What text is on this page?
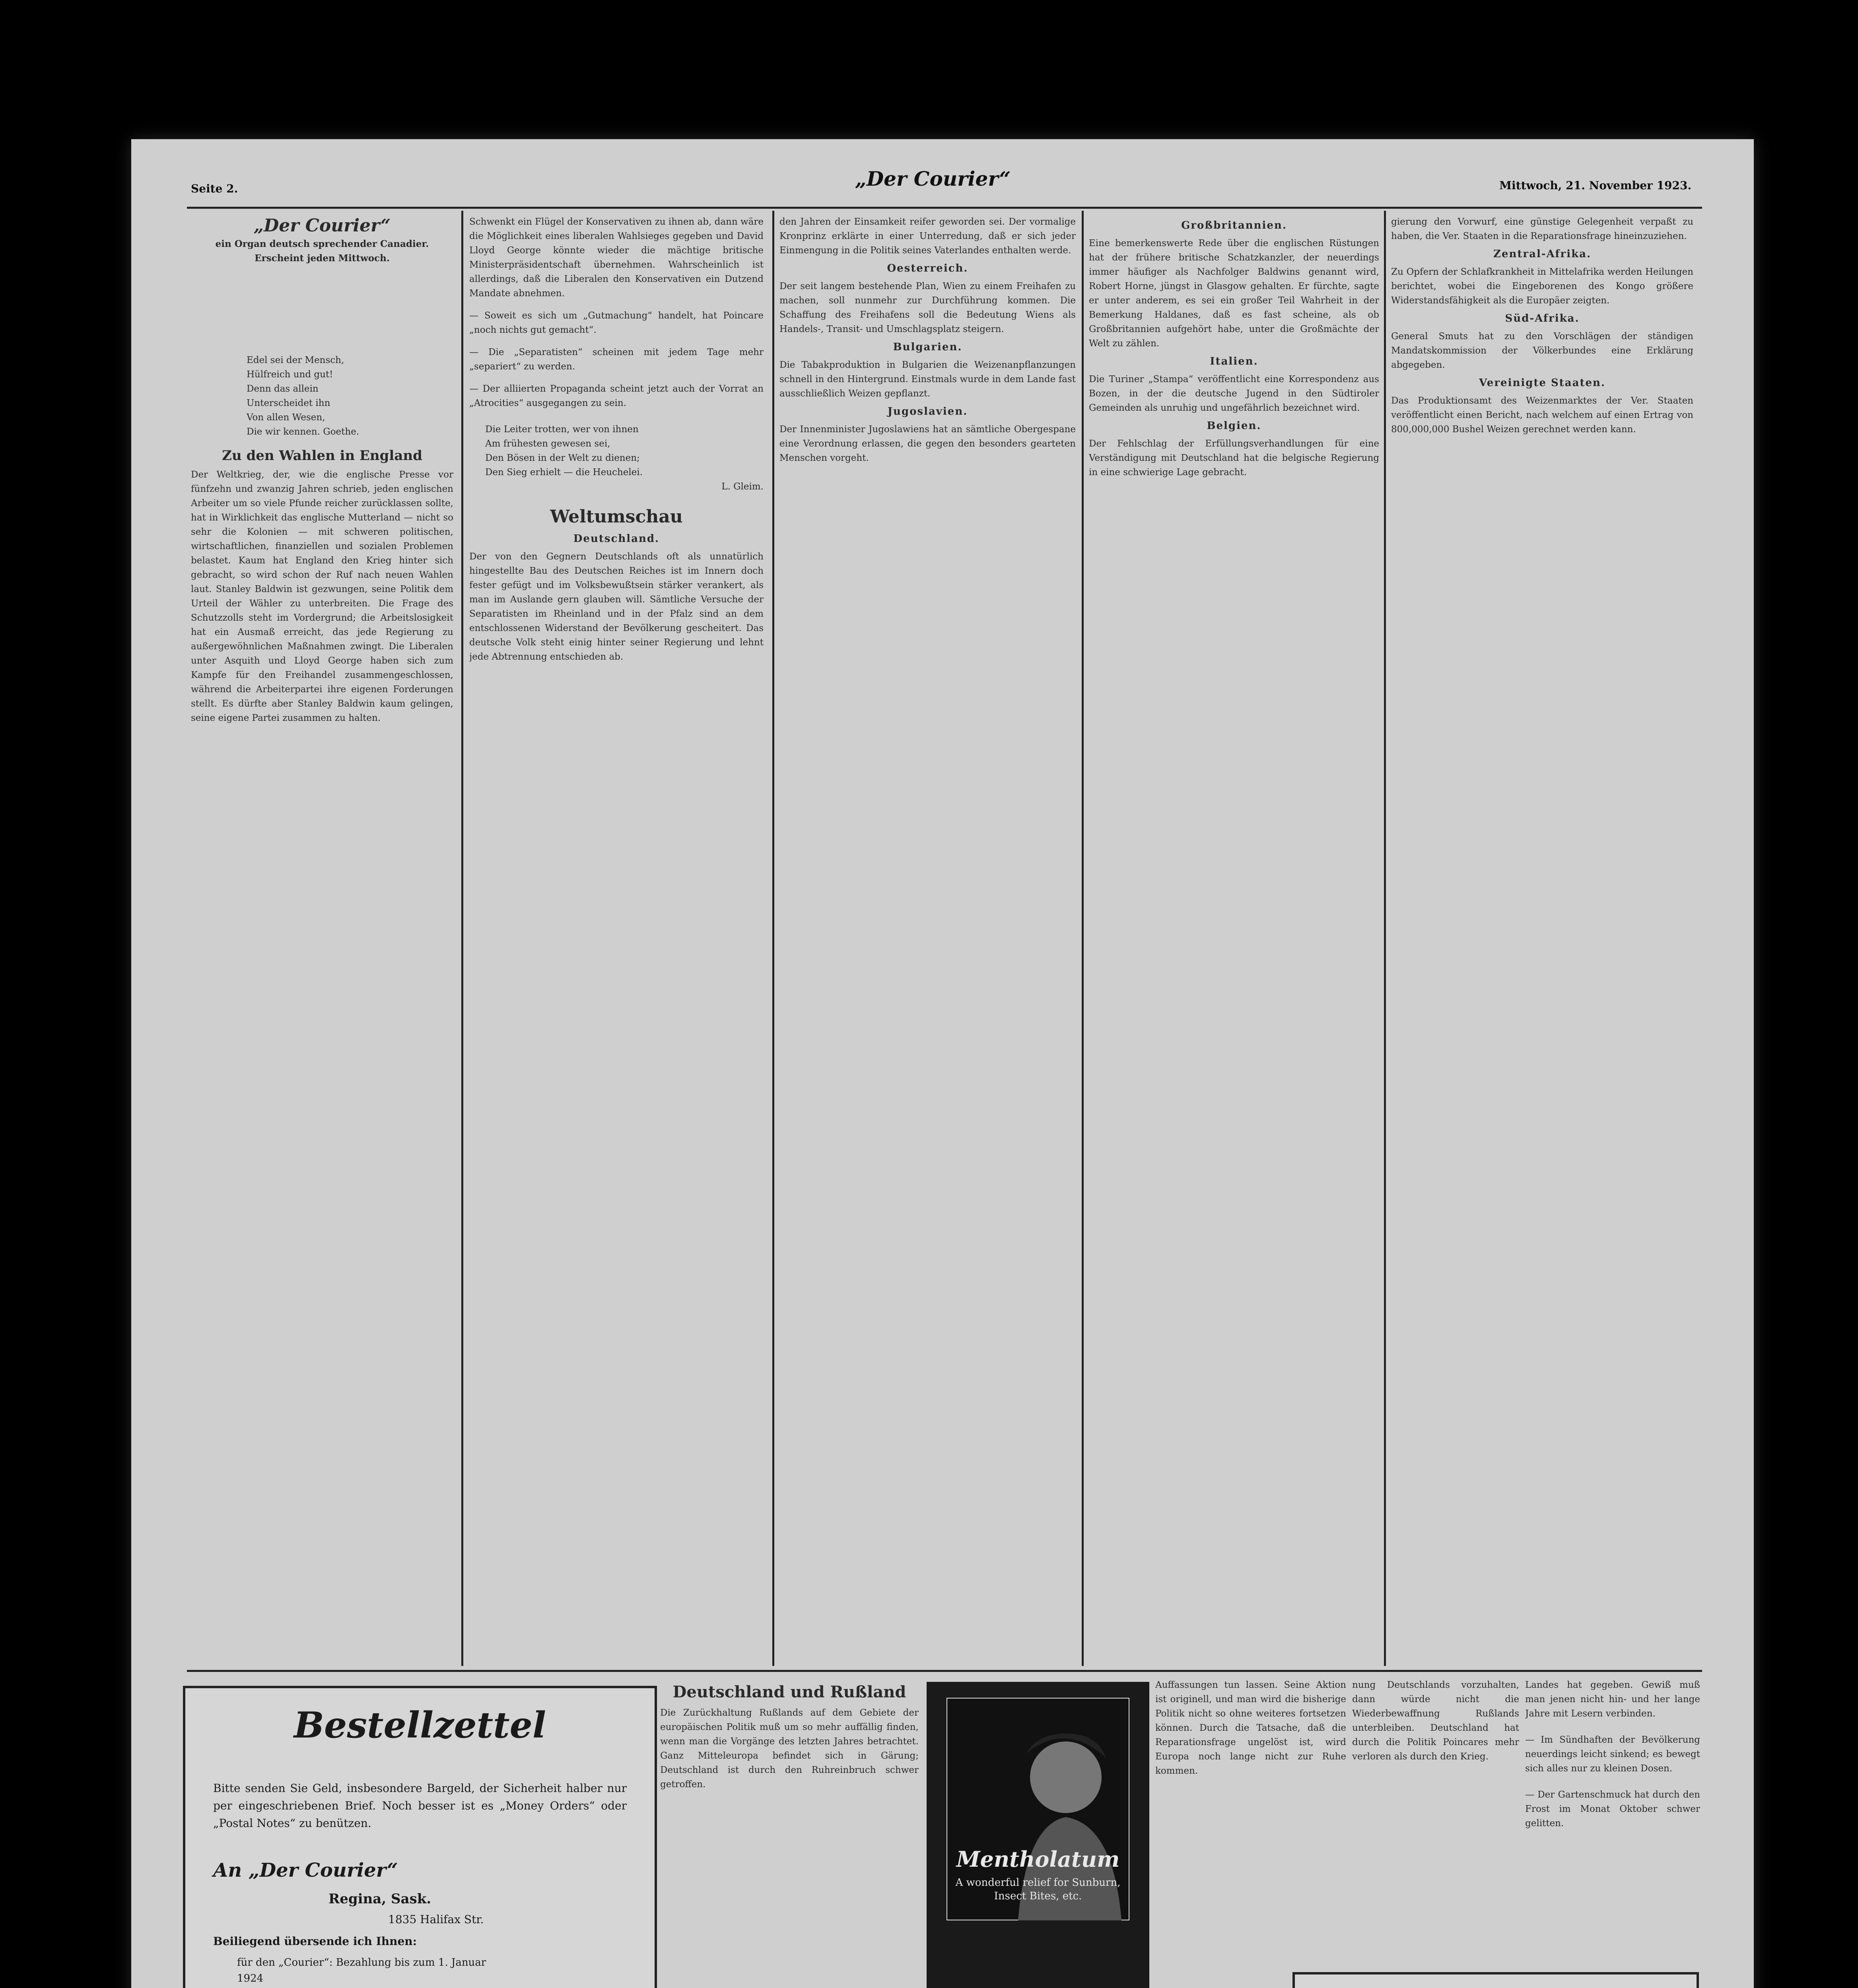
Seite 2.	„Der Courier“	Mittwoch, 21. November 1923.
„Der Courier“
ein Organ deutsch sprechender Canadier.
Erscheint jeden Mittwoch.
Edel sei der Mensch,
Hülfreich und gut!
Denn das allein
Unterscheidet ihn
Von allen Wesen,
Die wir kennen. Goethe.
Zu den Wahlen in England

Der Weltkrieg, der, wie die englische Presse vor fünfzehn und zwanzig Jahren schrieb, jeden englischen Arbeiter um so viele Pfunde reicher zurücklassen sollte, hat in Wirklichkeit das englische Mutterland — nicht so sehr die Kolonien — mit schweren politischen, wirtschaftlichen, finanziellen und sozialen Problemen belastet. Kaum hat England den Krieg hinter sich gebracht, so wird schon der Ruf nach neuen Wahlen laut. Stanley Baldwin ist gezwungen, seine Politik dem Urteil der Wähler zu unterbreiten. Die Frage des Schutzzolls steht im Vordergrund; die Arbeitslosigkeit hat ein Ausmaß erreicht, das jede Regierung zu außergewöhnlichen Maßnahmen zwingt. Die Liberalen unter Asquith und Lloyd George haben sich zum Kampfe für den Freihandel zusammengeschlossen, während die Arbeiterpartei ihre eigenen Forderungen stellt. Es dürfte aber Stanley Baldwin kaum gelingen, seine eigene Partei zusammen zu halten.

Schwenkt ein Flügel der Konservativen zu ihnen ab, dann wäre die Möglichkeit eines liberalen Wahlsieges gegeben und David Lloyd George könnte wieder die mächtige britische Ministerpräsidentschaft übernehmen. Wahrscheinlich ist allerdings, daß die Liberalen den Konservativen ein Dutzend Mandate abnehmen.

— Soweit es sich um „Gutmachung“ handelt, hat Poincare „noch nichts gut gemacht“.

— Die „Separatisten“ scheinen mit jedem Tage mehr „separiert“ zu werden.

— Der alliierten Propaganda scheint jetzt auch der Vorrat an „Atrocities“ ausgegangen zu sein.

Die Leiter trotten, wer von ihnen
Am frühesten gewesen sei,
Den Bösen in der Welt zu dienen;
Den Sieg erhielt — die Heuchelei.
L. Gleim.
Weltumschau
Deutschland.

Der von den Gegnern Deutschlands oft als unnatürlich hingestellte Bau des Deutschen Reiches ist im Innern doch fester gefügt und im Volksbewußtsein stärker verankert, als man im Auslande gern glauben will. Sämtliche Versuche der Separatisten im Rheinland und in der Pfalz sind an dem entschlossenen Widerstand der Bevölkerung gescheitert. Das deutsche Volk steht einig hinter seiner Regierung und lehnt jede Abtrennung entschieden ab.

den Jahren der Einsamkeit reifer geworden sei. Der vormalige Kronprinz erklärte in einer Unterredung, daß er sich jeder Einmengung in die Politik seines Vaterlandes enthalten werde.

Oesterreich.

Der seit langem bestehende Plan, Wien zu einem Freihafen zu machen, soll nunmehr zur Durchführung kommen. Die Schaffung des Freihafens soll die Bedeutung Wiens als Handels-, Transit- und Umschlagsplatz steigern.

Bulgarien.

Die Tabakproduktion in Bulgarien die Weizenanpflanzungen schnell in den Hintergrund. Einstmals wurde in dem Lande fast ausschließlich Weizen gepflanzt.

Jugoslavien.

Der Innenminister Jugoslawiens hat an sämtliche Obergespane eine Verordnung erlassen, die gegen den besonders gearteten Menschen vorgeht.

Großbritannien.

Eine bemerkenswerte Rede über die englischen Rüstungen hat der frühere britische Schatzkanzler, der neuerdings immer häufiger als Nachfolger Baldwins genannt wird, Robert Horne, jüngst in Glasgow gehalten. Er fürchte, sagte er unter anderem, es sei ein großer Teil Wahrheit in der Bemerkung Haldanes, daß es fast scheine, als ob Großbritannien aufgehört habe, unter die Großmächte der Welt zu zählen.

Italien.

Die Turiner „Stampa“ veröffentlicht eine Korrespondenz aus Bozen, in der die deutsche Jugend in den Südtiroler Gemeinden als unruhig und ungefährlich bezeichnet wird.

Belgien.

Der Fehlschlag der Erfüllungsverhandlungen für eine Verständigung mit Deutschland hat die belgische Regierung in eine schwierige Lage gebracht.

gierung den Vorwurf, eine günstige Gelegenheit verpaßt zu haben, die Ver. Staaten in die Reparationsfrage hineinzuziehen.

Zentral-Afrika.

Zu Opfern der Schlafkrankheit in Mittelafrika werden Heilungen berichtet, wobei die Eingeborenen des Kongo größere Widerstandsfähigkeit als die Europäer zeigten.

Süd-Afrika.

General Smuts hat zu den Vorschlägen der ständigen Mandatskommission der Völkerbundes eine Erklärung abgegeben.

Vereinigte Staaten.

Das Produktionsamt des Weizenmarktes der Ver. Staaten veröffentlicht einen Bericht, nach welchem auf einen Ertrag von 800,000,000 Bushel Weizen gerechnet werden kann.

Bestellzettel
Bitte senden Sie Geld, insbesondere Bargeld, der Sicherheit halber nur per eingeschriebenen Brief. Noch besser ist es „Money Orders“ oder „Postal Notes“ zu benützen.
An „Der Courier“
Regina, Sask.
1835 Halifax Str.
Beiliegend übersende ich Ihnen:
für den „Courier“: Bezahlung bis zum 1. Januar 1924
Deutschland und Rußland

Die Zurückhaltung Rußlands auf dem Gebiete der europäischen Politik muß um so mehr auffällig finden, wenn man die Vorgänge des letzten Jahres betrachtet. Ganz Mitteleuropa befindet sich in Gärung; Deutschland ist durch den Ruhreinbruch schwer getroffen.

Mentholatum
A wonderful relief for Sunburn, Insect Bites, etc.

Auffassungen tun lassen. Seine Aktion ist originell, und man wird die bisherige Politik nicht so ohne weiteres fortsetzen können. Durch die Tatsache, daß die Reparationsfrage ungelöst ist, wird Europa noch lange nicht zur Ruhe kommen.

nung Deutschlands vorzuhalten, dann würde nicht die Wiederbewaffnung Rußlands unterbleiben. Deutschland hat durch die Politik Poincares mehr verloren als durch den Krieg.

Landes hat gegeben. Gewiß muß man jenen nicht hin- und her lange Jahre mit Lesern verbinden.

— Im Sündhaften der Bevölkerung neuerdings leicht sinkend; es bewegt sich alles nur zu kleinen Dosen.

— Der Gartenschmuck hat durch den Frost im Monat Oktober schwer gelitten.
